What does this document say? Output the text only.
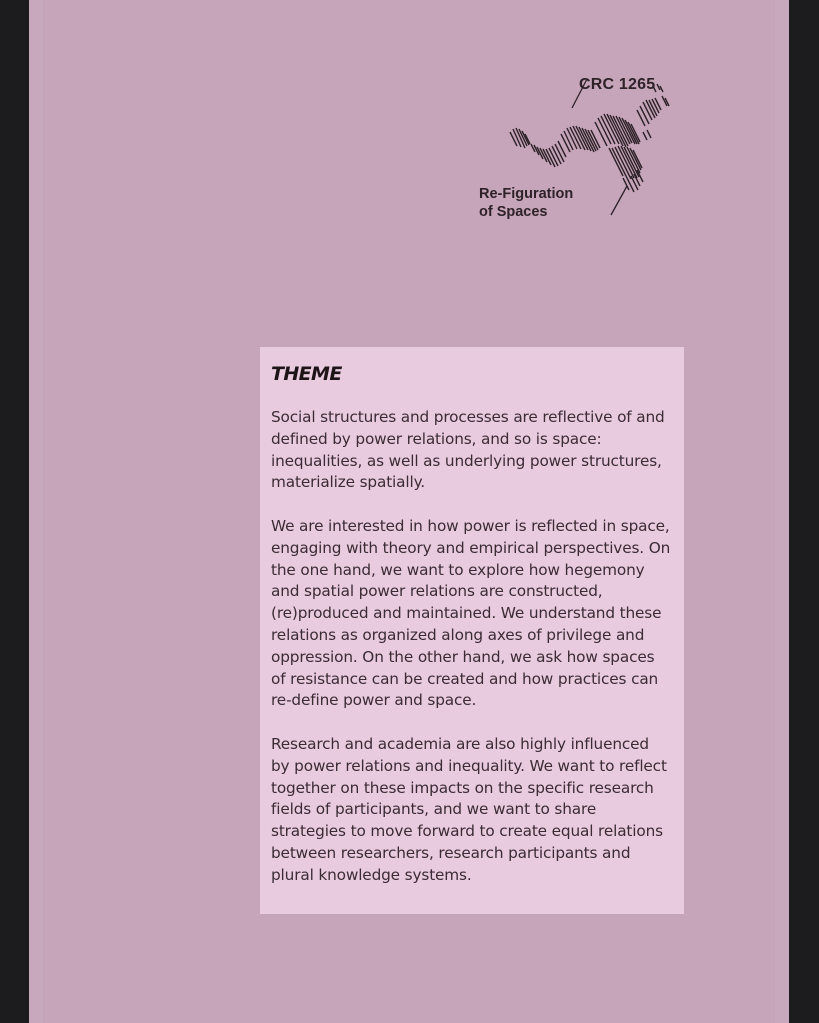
CRC 1265
Re-Figuration
of Spaces
THEME

Social structures and processes are reflective of and defined by power relations, and so is space: inequalities, as well as underlying power structures, materialize spatially.

We are interested in how power is reflected in space, engaging with theory and empirical perspectives. On the one hand, we want to explore how hegemony and spatial power relations are constructed, (re)produced and maintained. We understand these relations as organized along axes of privilege and oppression. On the other hand, we ask how spaces of resistance can be created and how practices can re-define power and space.

Research and academia are also highly influenced by power relations and inequality. We want to reflect together on these impacts on the specific research fields of participants, and we want to share strategies to move forward to create equal relations between researchers, research participants and plural knowledge systems.
